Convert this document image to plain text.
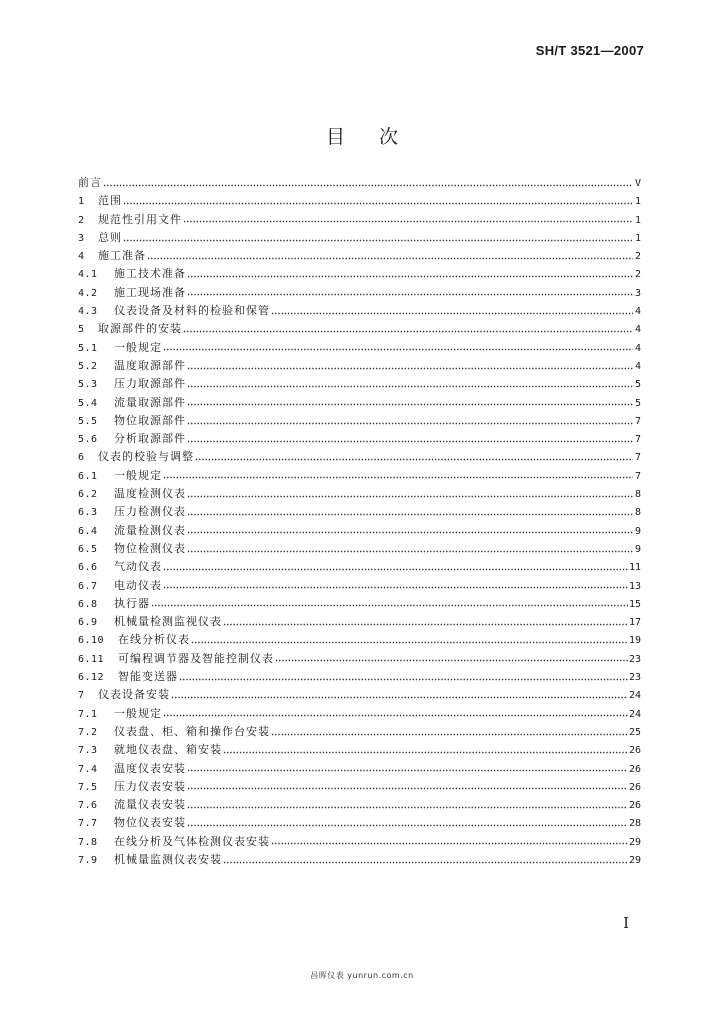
SH/T 3521—2007
目次
前言	V
1	范围	1
2	规范性引用文件	1
3	总则	1
4	施工准备	2
4.1	施工技术准备	2
4.2	施工现场准备	3
4.3	仪表设备及材料的检验和保管	4
5	取源部件的安装	4
5.1	一般规定	4
5.2	温度取源部件	4
5.3	压力取源部件	5
5.4	流量取源部件	5
5.5	物位取源部件	7
5.6	分析取源部件	7
6	仪表的校验与调整	7
6.1	一般规定	7
6.2	温度检测仪表	8
6.3	压力检测仪表	8
6.4	流量检测仪表	9
6.5	物位检测仪表	9
6.6	气动仪表	11
6.7	电动仪表	13
6.8	执行器	15
6.9	机械量检测监视仪表	17
6.10	在线分析仪表	19
6.11	可编程调节器及智能控制仪表	23
6.12	智能变送器	23
7	仪表设备安装	24
7.1	一般规定	24
7.2	仪表盘、柜、箱和操作台安装	25
7.3	就地仪表盘、箱安装	26
7.4	温度仪表安装	26
7.5	压力仪表安装	26
7.6	流量仪表安装	26
7.7	物位仪表安装	28
7.8	在线分析及气体检测仪表安装	29
7.9	机械量监测仪表安装	29
I
昌晖仪表 yunrun.com.cn
